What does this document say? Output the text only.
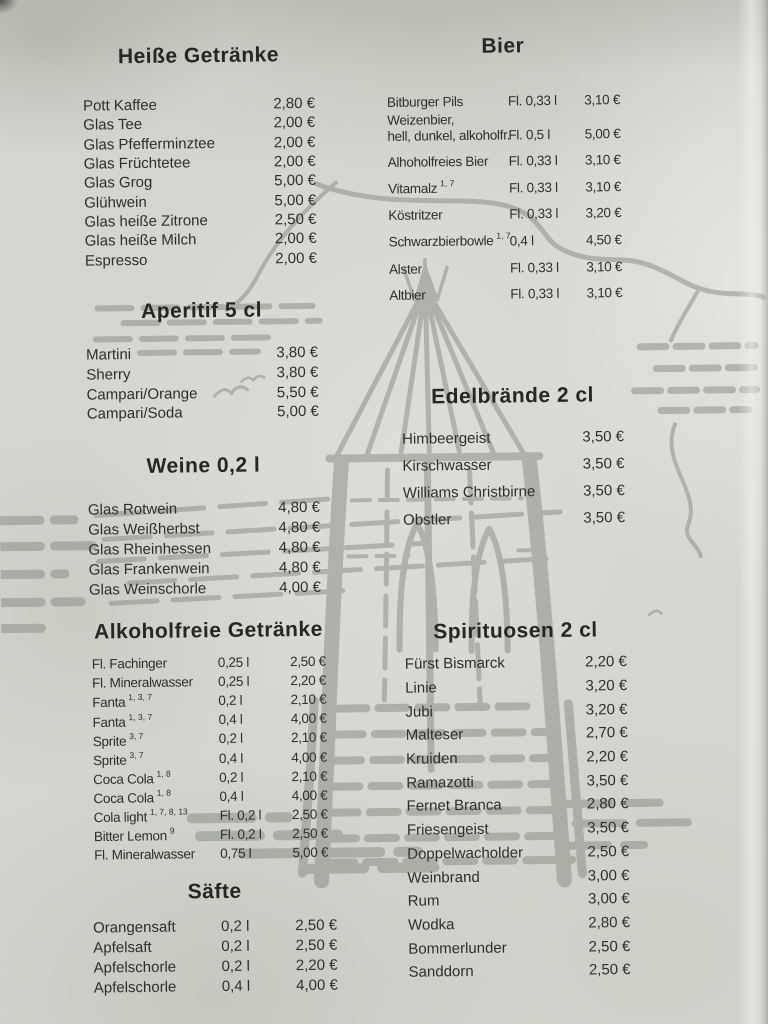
Heiße Getränke
Pott Kaffee	2,80 €
Glas Tee	2,00 €
Glas Pfefferminztee	2,00 €
Glas Früchtetee	2,00 €
Glas Grog	5,00 €
Glühwein	5,00 €
Glas heiße Zitrone	2,50 €
Glas heiße Milch	2,00 €
Espresso	2,00 €
Bier
Bitburger Pils	Fl. 0,33 l	3,10 €
Weizenbier,
hell, dunkel, alkoholfr.
Fl. 0,5 l	5,00 €
Alhoholfreies Bier	Fl. 0,33 l	3,10 €
Vitamalz $^{1, 7}$	Fl. 0,33 l	3,10 €
Köstritzer	Fl. 0,33 l	3,20 €
Schwarzbierbowle $^{1, 7}$
0,4 l	4,50 €
Alster	Fl. 0,33 l	3,10 €
Altbier	Fl. 0,33 l	3,10 €
Aperitif 5 cl
Martini	3,80 €
Sherry	3,80 €
Campari/Orange	5,50 €
Campari/Soda	5,00 €
Edelbrände 2 cl
Himbeergeist	3,50 €
Kirschwasser	3,50 €
Williams Christbirne	3,50 €
Obstler	3,50 €
Weine 0,2 l
Glas Rotwein	4,80 €
Glas Weißherbst	4,80 €
Glas Rheinhessen	4,80 €
Glas Frankenwein	4,80 €
Glas Weinschorle	4,00 €
Alkoholfreie Getränke
Fl. Fachinger	0,25 l	2,50 €
Fl. Mineralwasser	0,25 l	2,20 €
Fanta $^{1, 3, 7}$	0,2 l	2,10 €
Fanta $^{1, 3, 7}$	0,4 l	4,00 €
Sprite $^{3, 7}$	0,2 l	2,10 €
Sprite $^{3, 7}$	0,4 l	4,00 €
Coca Cola $^{1, 8}$	0,2 l	2,10 €
Coca Cola $^{1, 8}$	0,4 l	4,00 €
Cola light $^{1, 7, 8, 13}$	Fl. 0,2 l	2,50 €
Bitter Lemon $^9$	Fl. 0,2 l	2,50 €
Fl. Mineralwasser	0,75 l	5,00 €
Spirituosen 2 cl
Fürst Bismarck	2,20 €
Linie	3,20 €
Jubi	3,20 €
Malteser	2,70 €
Kruiden	2,20 €
Ramazotti	3,50 €
Fernet Branca	2,80 €
Friesengeist	3,50 €
Doppelwacholder	2,50 €
Weinbrand	3,00 €
Rum	3,00 €
Wodka	2,80 €
Bommerlunder	2,50 €
Sanddorn	2,50 €
Säfte
Orangensaft	0,2 l	2,50 €
Apfelsaft	0,2 l	2,50 €
Apfelschorle	0,2 l	2,20 €
Apfelschorle	0,4 l	4,00 €
